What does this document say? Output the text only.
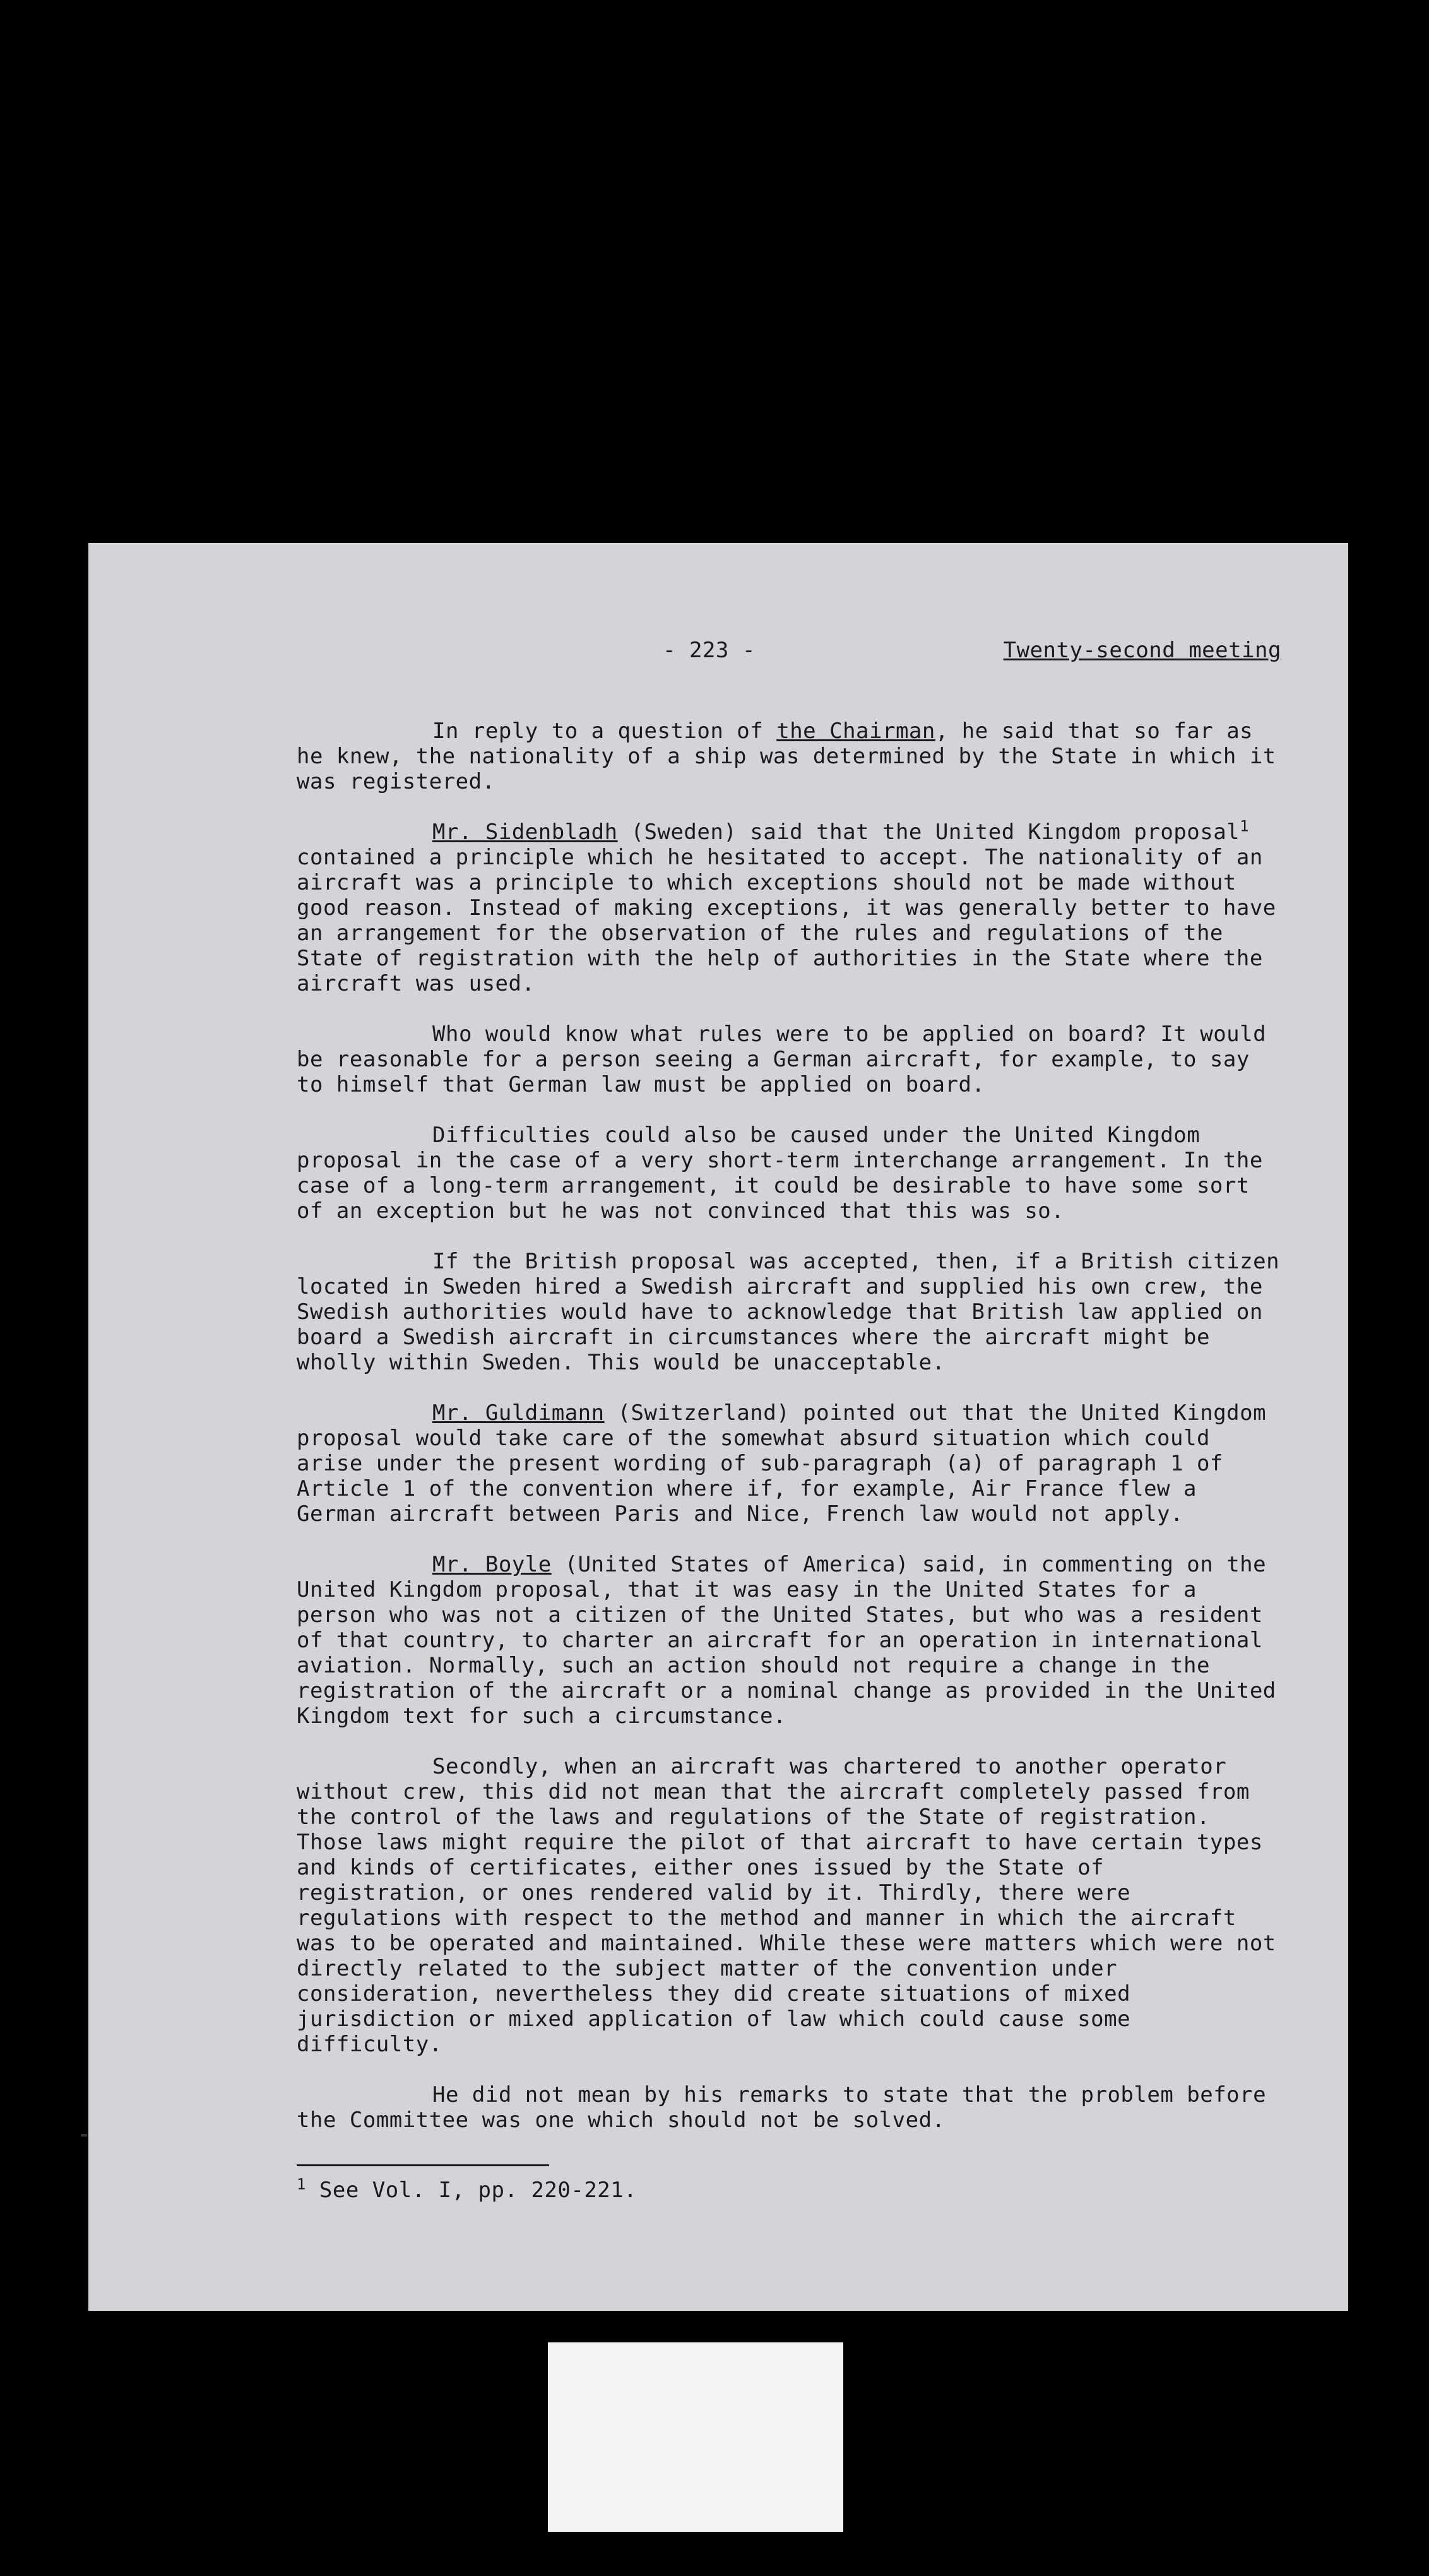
- 223 -	Twenty-second meeting

In reply to a question of the Chairman, he said that so far as he knew, the nationality of a ship was determined by the State in which it was registered.

Mr. Sidenbladh (Sweden) said that the United Kingdom proposal$^1$ contained a principle which he hesitated to accept. The nationality of an aircraft was a principle to which exceptions should not be made without good reason. Instead of making exceptions, it was generally better to have an arrangement for the observation of the rules and regulations of the State of registration with the help of authorities in the State where the aircraft was used.

Who would know what rules were to be applied on board? It would be reasonable for a person seeing a German aircraft, for example, to say to himself that German law must be applied on board.

Difficulties could also be caused under the United Kingdom proposal in the case of a very short-term interchange arrangement. In the case of a long-term arrangement, it could be desirable to have some sort of an exception but he was not convinced that this was so.

If the British proposal was accepted, then, if a British citizen located in Sweden hired a Swedish aircraft and supplied his own crew, the Swedish authorities would have to acknowledge that British law applied on board a Swedish aircraft in circumstances where the aircraft might be wholly within Sweden. This would be unacceptable.

Mr. Guldimann (Switzerland) pointed out that the United Kingdom proposal would take care of the somewhat absurd situation which could arise under the present wording of sub-paragraph (a) of paragraph 1 of Article 1 of the convention where if, for example, Air France flew a German aircraft between Paris and Nice, French law would not apply.

Mr. Boyle (United States of America) said, in commenting on the United Kingdom proposal, that it was easy in the United States for a person who was not a citizen of the United States, but who was a resident of that country, to charter an aircraft for an operation in international aviation. Normally, such an action should not require a change in the registration of the aircraft or a nominal change as provided in the United Kingdom text for such a circumstance.

Secondly, when an aircraft was chartered to another operator without crew, this did not mean that the aircraft completely passed from the control of the laws and regulations of the State of registration. Those laws might require the pilot of that aircraft to have certain types and kinds of certificates, either ones issued by the State of registration, or ones rendered valid by it. Thirdly, there were regulations with respect to the method and manner in which the aircraft was to be operated and maintained. While these were matters which were not directly related to the subject matter of the convention under consideration, nevertheless they did create situations of mixed jurisdiction or mixed application of law which could cause some difficulty.

He did not mean by his remarks to state that the problem before the Committee was one which should not be solved.

$^1$ See Vol. I, pp. 220-221.
